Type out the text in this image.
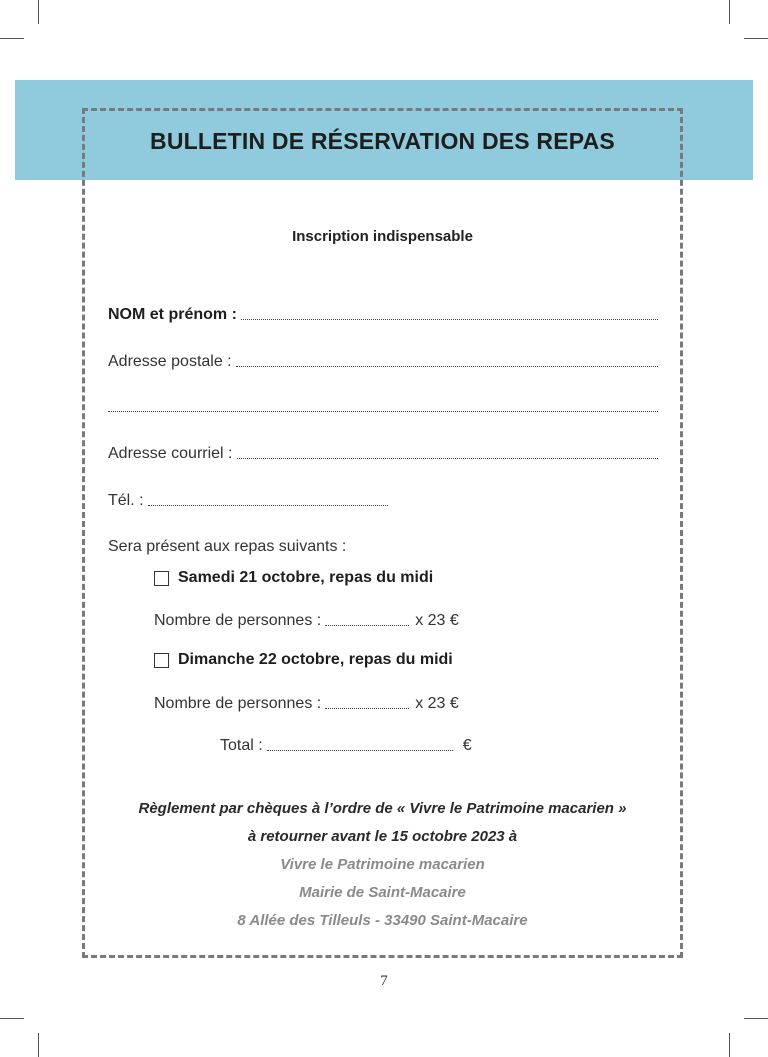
BULLETIN DE RÉSERVATION DES REPAS
Inscription indispensable
NOM et prénom :
Adresse postale :
Adresse courriel :
Tél. :
Sera présent aux repas suivants :
Samedi 21 octobre, repas du midi
Nombre de personnes :	x 23 €
Dimanche 22 octobre, repas du midi
Nombre de personnes :	x 23 €
Total :	€
Règlement par chèques à l’ordre de « Vivre le Patrimoine macarien »
à retourner avant le 15 octobre 2023 à
Vivre le Patrimoine macarien
Mairie de Saint-Macaire
8 Allée des Tilleuls - 33490 Saint-Macaire
7
